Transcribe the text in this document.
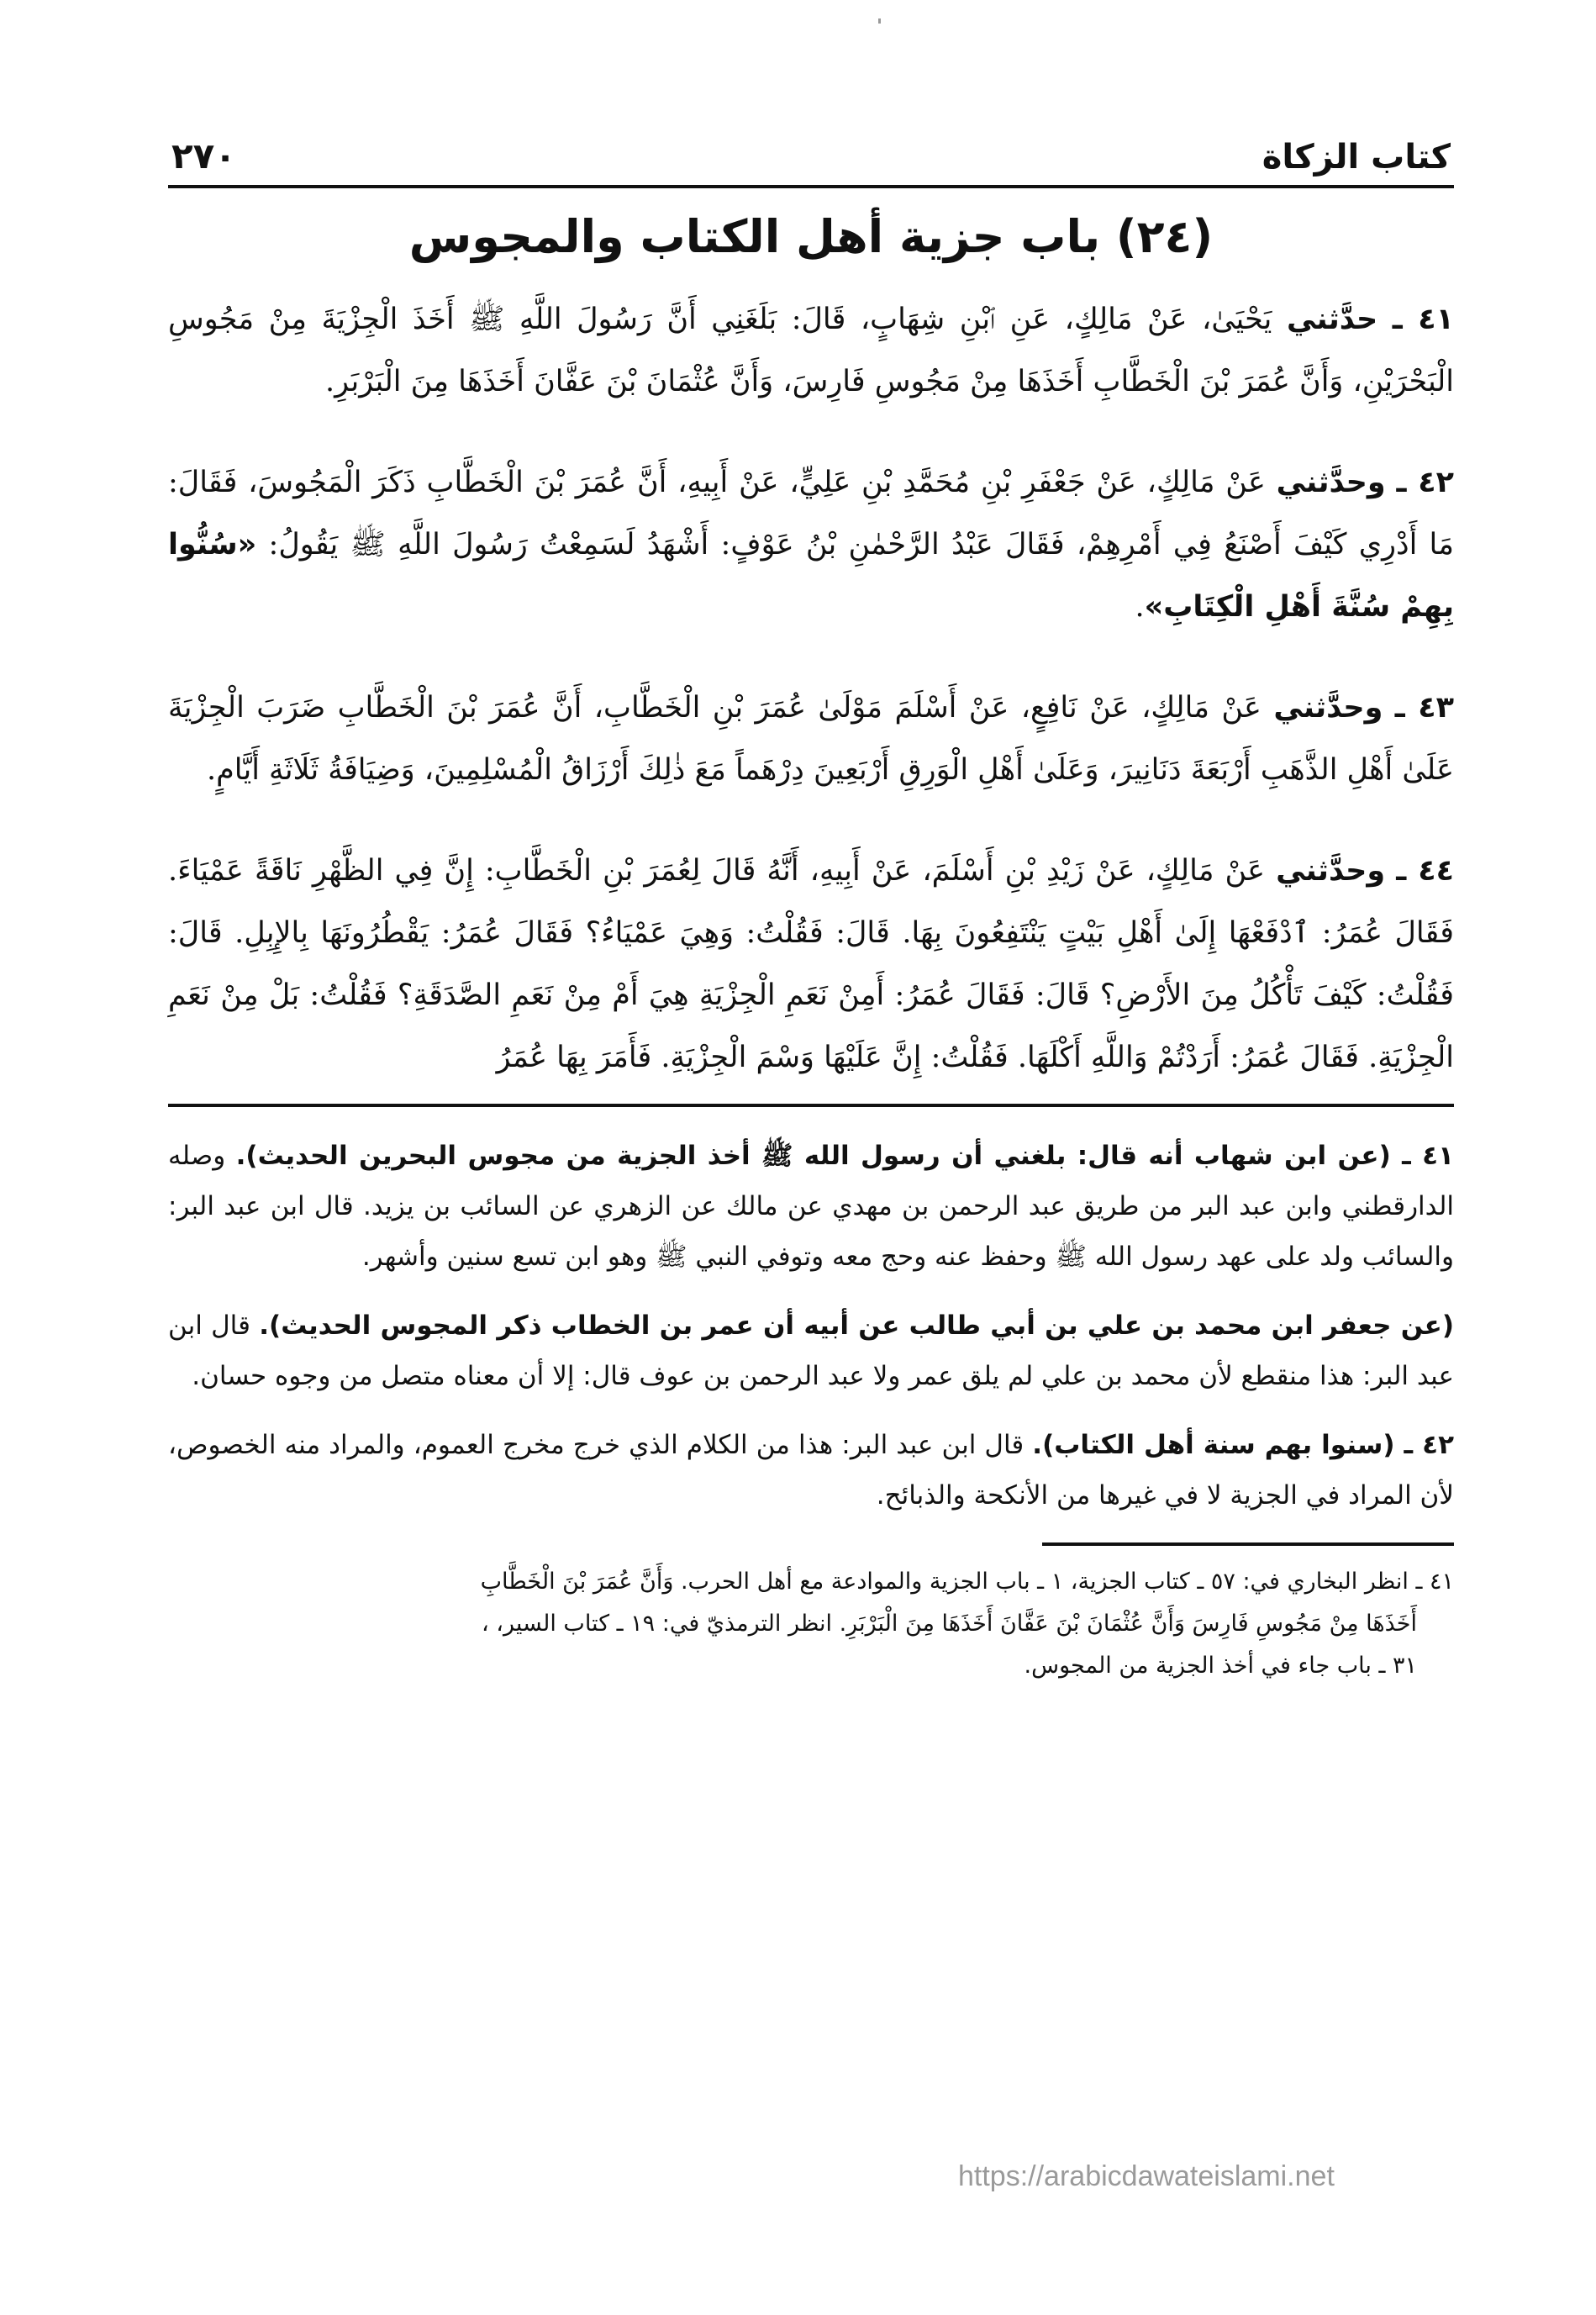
كتاب الزكاة
٢٧٠
(٢٤) باب جزية أهل الكتاب والمجوس

٤١ ـ حدَّثني يَحْيَىٰ، عَنْ مَالِكٍ، عَنِ ٱبْنِ شِهَابٍ، قَالَ: بَلَغَنِي أَنَّ رَسُولَ اللَّهِ ﷺ أَخَذَ الْجِزْيَةَ مِنْ مَجُوسِ الْبَحْرَيْنِ، وَأَنَّ عُمَرَ بْنَ الْخَطَّابِ أَخَذَهَا مِنْ مَجُوسِ فَارِسَ، وَأَنَّ عُثْمَانَ بْنَ عَفَّانَ أَخَذَهَا مِنَ الْبَرْبَرِ.

٤٢ ـ وحدَّثني عَنْ مَالِكٍ، عَنْ جَعْفَرِ بْنِ مُحَمَّدِ بْنِ عَلِيٍّ، عَنْ أَبِيهِ، أَنَّ عُمَرَ بْنَ الْخَطَّابِ ذَكَرَ الْمَجُوسَ، فَقَالَ: مَا أَدْرِي كَيْفَ أَصْنَعُ فِي أَمْرِهِمْ، فَقَالَ عَبْدُ الرَّحْمٰنِ بْنُ عَوْفٍ: أَشْهَدُ لَسَمِعْتُ رَسُولَ اللَّهِ ﷺ يَقُولُ: «سُنُّوا بِهِمْ سُنَّةَ أَهْلِ الْكِتَابِ».

٤٣ ـ وحدَّثني عَنْ مَالِكٍ، عَنْ نَافِعٍ، عَنْ أَسْلَمَ مَوْلَىٰ عُمَرَ بْنِ الْخَطَّابِ، أَنَّ عُمَرَ بْنَ الْخَطَّابِ ضَرَبَ الْجِزْيَةَ عَلَىٰ أَهْلِ الذَّهَبِ أَرْبَعَةَ دَنَانِيرَ، وَعَلَىٰ أَهْلِ الْوَرِقِ أَرْبَعِينَ دِرْهَماً مَعَ ذٰلِكَ أَرْزَاقُ الْمُسْلِمِينَ، وَضِيَافَةُ ثَلَاثَةِ أَيَّامٍ.

٤٤ ـ وحدَّثني عَنْ مَالِكٍ، عَنْ زَيْدِ بْنِ أَسْلَمَ، عَنْ أَبِيهِ، أَنَّهُ قَالَ لِعُمَرَ بْنِ الْخَطَّابِ: إِنَّ فِي الظَّهْرِ نَاقَةً عَمْيَاءَ. فَقَالَ عُمَرُ: ٱدْفَعْهَا إِلَىٰ أَهْلِ بَيْتٍ يَنْتَفِعُونَ بِهَا. قَالَ: فَقُلْتُ: وَهِيَ عَمْيَاءُ؟ فَقَالَ عُمَرُ: يَقْطُرُونَهَا بِالإِبِلِ. قَالَ: فَقُلْتُ: كَيْفَ تَأْكُلُ مِنَ الأَرْضِ؟ قَالَ: فَقَالَ عُمَرُ: أَمِنْ نَعَمِ الْجِزْيَةِ هِيَ أَمْ مِنْ نَعَمِ الصَّدَقَةِ؟ فَقُلْتُ: بَلْ مِنْ نَعَمِ الْجِزْيَةِ. فَقَالَ عُمَرُ: أَرَدْتُمْ وَاللَّهِ أَكْلَهَا. فَقُلْتُ: إِنَّ عَلَيْهَا وَسْمَ الْجِزْيَةِ. فَأَمَرَ بِهَا عُمَرُ

٤١ ـ (عن ابن شهاب أنه قال: بلغني أن رسول الله ﷺ أخذ الجزية من مجوس البحرين الحديث). وصله الدارقطني وابن عبد البر من طريق عبد الرحمن بن مهدي عن مالك عن الزهري عن السائب بن يزيد. قال ابن عبد البر: والسائب ولد على عهد رسول الله ﷺ وحفظ عنه وحج معه وتوفي النبي ﷺ وهو ابن تسع سنين وأشهر.

(عن جعفر ابن محمد بن علي بن أبي طالب عن أبيه أن عمر بن الخطاب ذكر المجوس الحديث). قال ابن عبد البر: هذا منقطع لأن محمد بن علي لم يلق عمر ولا عبد الرحمن بن عوف قال: إلا أن معناه متصل من وجوه حسان.

٤٢ ـ (سنوا بهم سنة أهل الكتاب). قال ابن عبد البر: هذا من الكلام الذي خرج مخرج العموم، والمراد منه الخصوص، لأن المراد في الجزية لا في غيرها من الأنكحة والذبائح.

٤١ ـ انظر البخاري في: ٥٧ ـ كتاب الجزية، ١ ـ باب الجزية والموادعة مع أهل الحرب. وَأَنَّ عُمَرَ بْنَ الْخَطَّابِ
أَخَذَهَا مِنْ مَجُوسِ فَارِسَ وَأَنَّ عُثْمَانَ بْنَ عَفَّانَ أَخَذَهَا مِنَ الْبَرْبَرِ. انظر الترمذيّ في: ١٩ ـ كتاب السير، ،
٣١ ـ باب جاء في أخذ الجزية من المجوس.
https://arabicdawateislami.net
